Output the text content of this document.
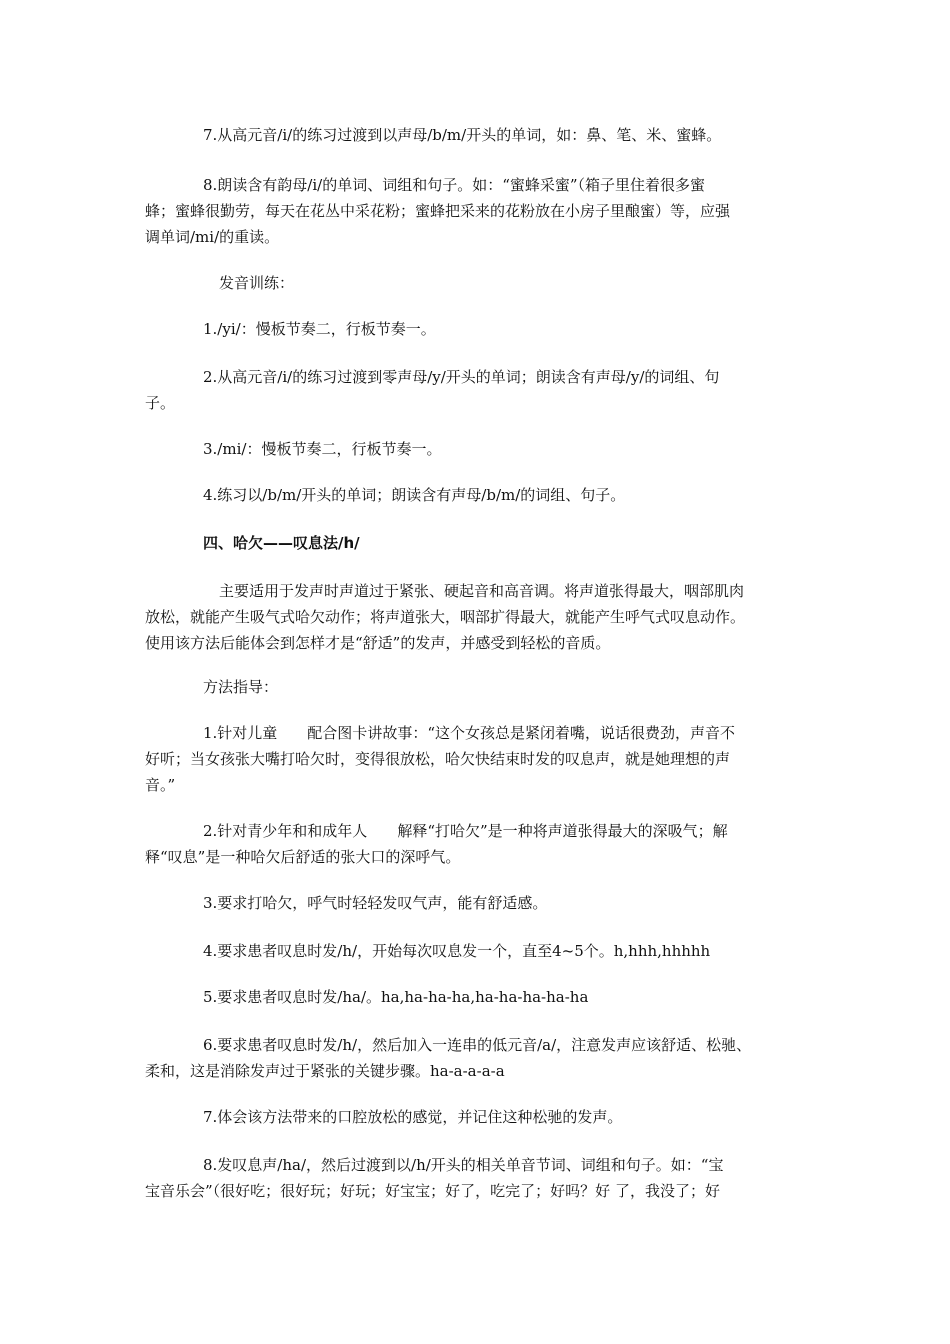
7.从高元音/i/的练习过渡到以声母/b/m/开头的单词，如：鼻、笔、米、蜜蜂。

8.朗读含有韵母/i/的单词、词组和句子。如：“蜜蜂采蜜”（箱子里住着很多蜜
蜂；蜜蜂很勤劳，每天在花丛中采花粉；蜜蜂把采来的花粉放在小房子里酿蜜）等，应强
调单词/mi/的重读。

发音训练：

1./yi/：慢板节奏二，行板节奏一。

2.从高元音/i/的练习过渡到零声母/y/开头的单词；朗读含有声母/y/的词组、句
子。

3./mi/：慢板节奏二，行板节奏一。

4.练习以/b/m/开头的单词；朗读含有声母/b/m/的词组、句子。

四、哈欠——叹息法/h/

主要适用于发声时声道过于紧张、硬起音和高音调。将声道张得最大，咽部肌肉
放松，就能产生吸气式哈欠动作；将声道张大，咽部扩得最大，就能产生呼气式叹息动作。
使用该方法后能体会到怎样才是“舒适”的发声，并感受到轻松的音质。

方法指导：

1.针对儿童　　配合图卡讲故事：“这个女孩总是紧闭着嘴，说话很费劲，声音不
好听；当女孩张大嘴打哈欠时，变得很放松，哈欠快结束时发的叹息声，就是她理想的声
音。”

2.针对青少年和和成年人　　解释“打哈欠”是一种将声道张得最大的深吸气；解
释“叹息”是一种哈欠后舒适的张大口的深呼气。

3.要求打哈欠，呼气时轻轻发叹气声，能有舒适感。

4.要求患者叹息时发/h/，开始每次叹息发一个，直至4~5个。h,hhh,hhhhh

5.要求患者叹息时发/ha/。ha,ha-ha-ha,ha-ha-ha-ha-ha

6.要求患者叹息时发/h/，然后加入一连串的低元音/a/，注意发声应该舒适、松驰、
柔和，这是消除发声过于紧张的关键步骤。ha-a-a-a-a

7.体会该方法带来的口腔放松的感觉，并记住这种松驰的发声。

8.发叹息声/ha/，然后过渡到以/h/开头的相关单音节词、词组和句子。如：“宝
宝音乐会”（很好吃；很好玩；好玩；好宝宝；好了，吃完了；好吗？好 了，我没了；好
